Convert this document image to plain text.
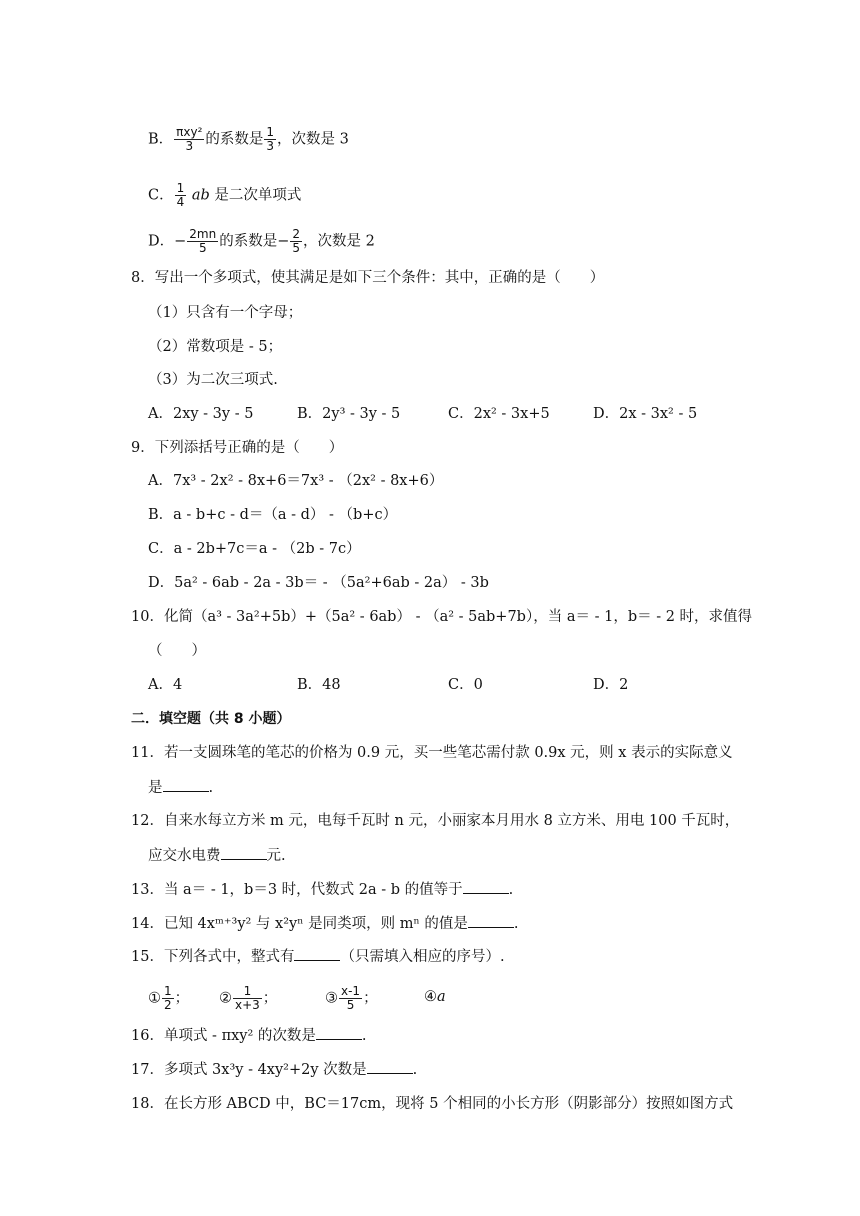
B． $\frac{\text{πxy²}}{3}$ 的系数是 $\frac{1}{3}$ ，次数是 3
C． $\frac{1}{4}$ ab 是二次单项式
D．− $\frac{2mn}{5}$ 的系数是− $\frac{2}{5}$ ，次数是 2
8．写出一个多项式，使其满足是如下三个条件：其中，正确的是（　　）
（1）只含有一个字母；
（2）常数项是 - 5；
（3）为二次三项式.
A．2xy - 3y - 5	B．2y³ - 3y - 5	C．2x² - 3x+5	D．2x - 3x² - 5
9．下列添括号正确的是（　　）
A．7x³ - 2x² - 8x+6＝7x³ - （2x² - 8x+6）
B．a - b+c - d＝（a - d） - （b+c）
C．a - 2b+7c＝a - （2b - 7c）
D．5a² - 6ab - 2a - 3b＝ - （5a²+6ab - 2a） - 3b
10．化简（a³ - 3a²+5b）+（5a² - 6ab） - （a² - 5ab+7b），当 a＝ - 1，b＝ - 2 时，求值得
（　　）
A．4	B．48	C．0	D．2
二．填空题（共 8 小题）
11．若一支圆珠笔的笔芯的价格为 0.9 元，买一些笔芯需付款 0.9x 元，则 x 表示的实际意义
是	.
12．自来水每立方米 m 元，电每千瓦时 n 元，小丽家本月用水 8 立方米、用电 100 千瓦时，
应交水电费	元.
13．当 a＝ - 1，b＝3 时，代数式 2a - b 的值等于	.
14．已知 4xᵐ⁺³y² 与 x²yⁿ 是同类项，则 mⁿ 的值是	.
15．下列各式中，整式有	（只需填入相应的序号）.
① $\frac{1}{2}$ ； ② $\frac{1}{x+3}$ ；	③ $\frac{x-1}{5}$ ；	④a
16．单项式 - πxy² 的次数是	.
17．多项式 3x³y - 4xy²+2y 次数是	.
18．在长方形 ABCD 中，BC＝17cm，现将 5 个相同的小长方形（阴影部分）按照如图方式
